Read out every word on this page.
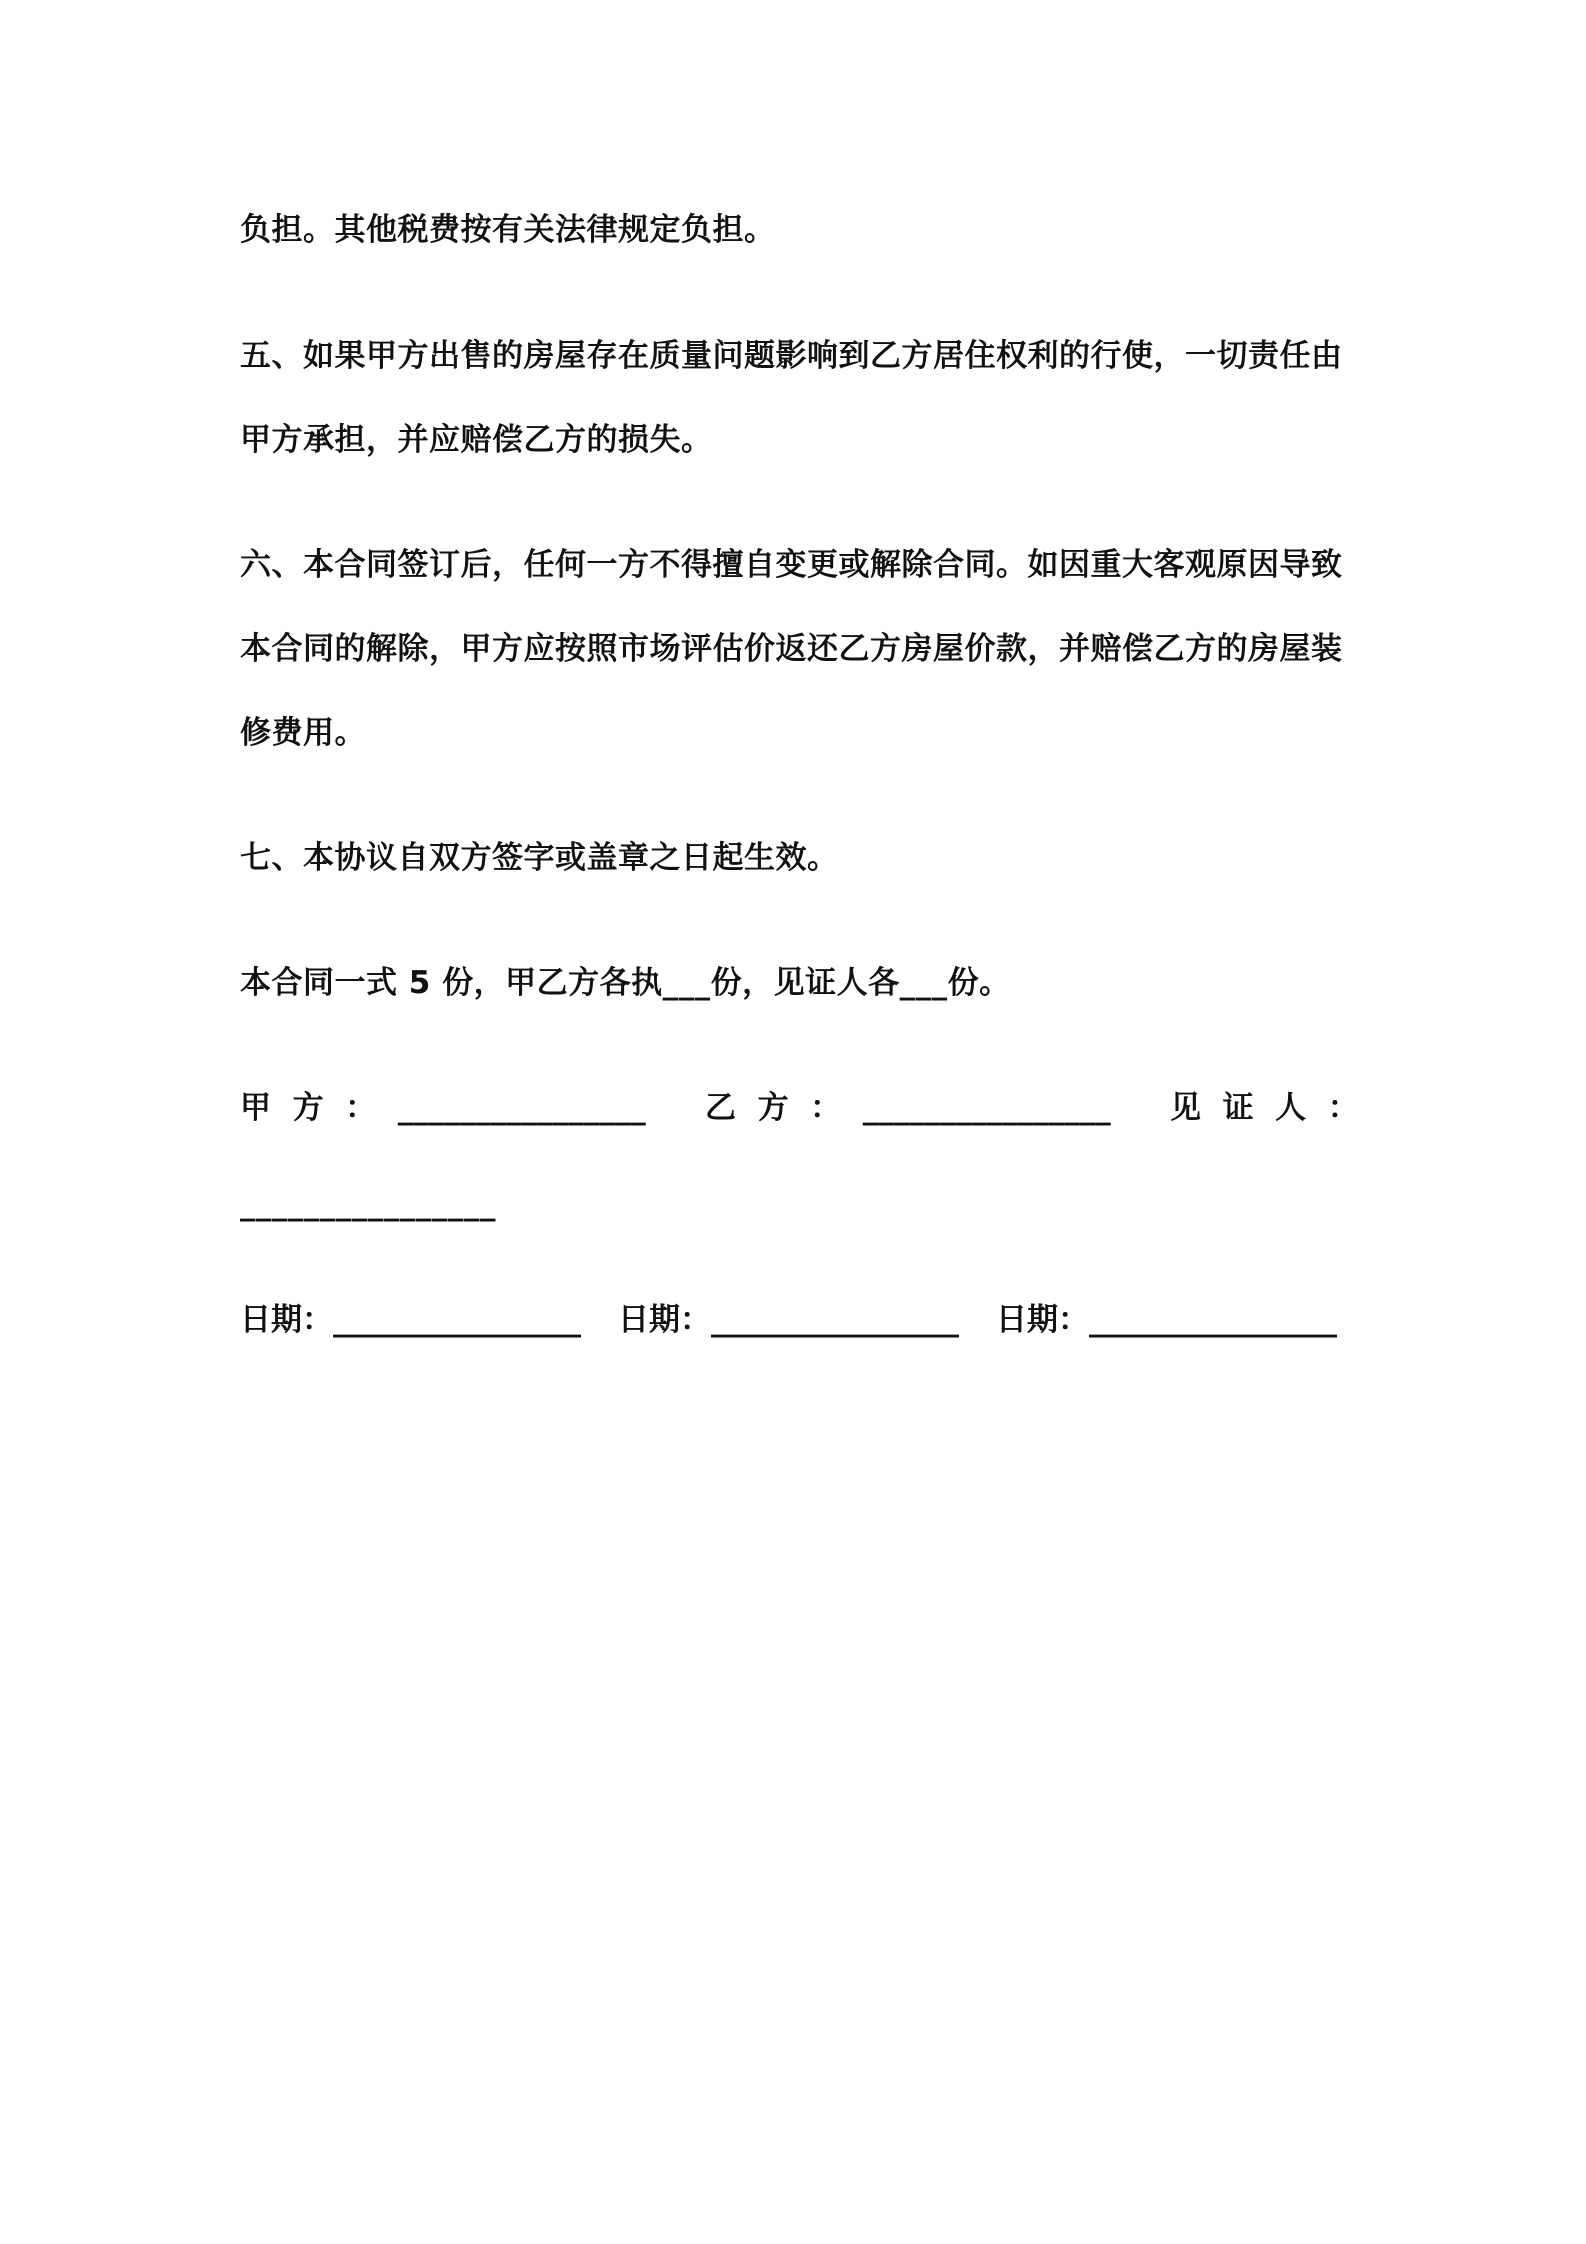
负担。其他税费按有关法律规定负担。
五、如果甲方出售的房屋存在质量问题影响到乙方居住权利的行使，一切责任由
甲方承担，并应赔偿乙方的损失。
六、本合同签订后，任何一方不得擅自变更或解除合同。如因重大客观原因导致
本合同的解除，甲方应按照市场评估价返还乙方房屋价款，并赔偿乙方的房屋装
修费用。
七、本协议自双方签字或盖章之日起生效。
本合同一式 5 份，甲乙方各执___份，见证人各___份。

甲  方  ：  ________________

乙  方  ：  ________________

见  证  人  ：

________________

日期：________________

日期：________________

日期：________________
